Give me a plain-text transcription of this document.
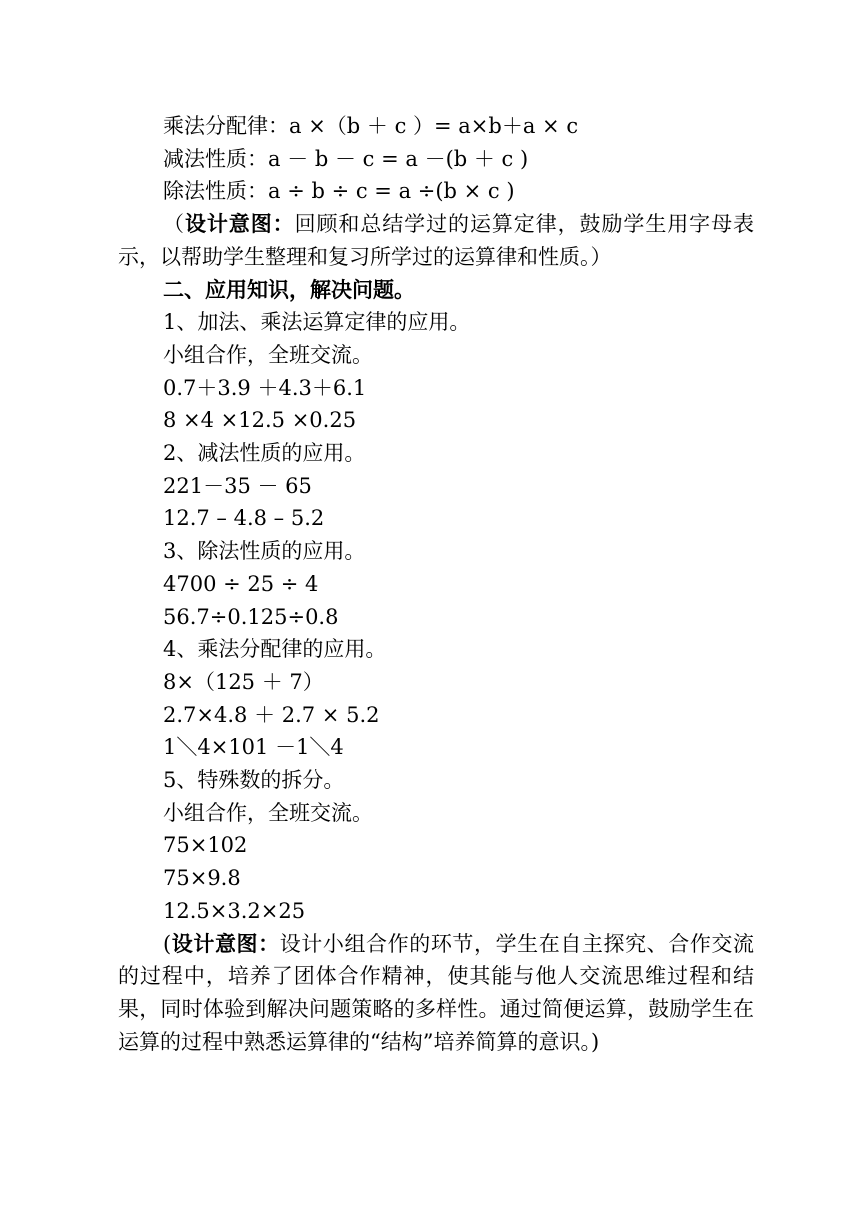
乘法分配律：a ×（b ＋ c ）= a×b＋a × c
减法性质：a － b － c = a －(b ＋ c )
除法性质：a ÷ b ÷ c = a ÷(b × c )
（设计意图：回顾和总结学过的运算定律，鼓励学生用字母表示，以帮助学生整理和复习所学过的运算律和性质。）
二、应用知识，解决问题。
1、加法、乘法运算定律的应用。
小组合作，全班交流。
0.7＋3.9 ＋4.3＋6.1
8 ×4 ×12.5 ×0.25
2、减法性质的应用。
221－35 － 65
12.7 – 4.8 – 5.2
3、除法性质的应用。
4700 ÷ 25 ÷ 4
56.7÷0.125÷0.8
4、乘法分配律的应用。
8×（125 ＋ 7）
2.7×4.8 ＋ 2.7 × 5.2
1＼4×101 －1＼4
5、特殊数的拆分。
小组合作，全班交流。
75×102
75×9.8
12.5×3.2×25
(设计意图：设计小组合作的环节，学生在自主探究、合作交流的过程中，培养了团体合作精神，使其能与他人交流思维过程和结果，同时体验到解决问题策略的多样性。通过简便运算，鼓励学生在运算的过程中熟悉运算律的“结构”培养简算的意识。)
